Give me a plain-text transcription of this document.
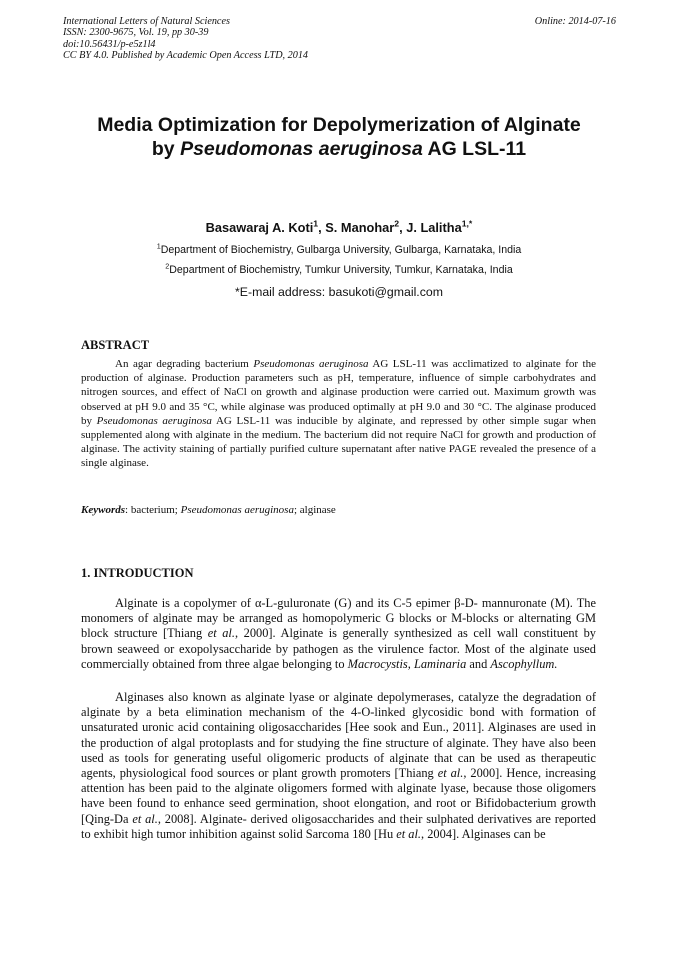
International Letters of Natural Sciences
ISSN: 2300-9675, Vol. 19, pp 30-39
doi:10.56431/p-e5z1l4
CC BY 4.0. Published by Academic Open Access LTD, 2014
Online: 2014-07-16
Media Optimization for Depolymerization of Alginate
by Pseudomonas aeruginosa AG LSL-11
Basawaraj A. Koti$^1$, S. Manohar$^2$, J. Lalitha$^{1,*}$
$^1$Department of Biochemistry, Gulbarga University, Gulbarga, Karnataka, India
$^2$Department of Biochemistry, Tumkur University, Tumkur, Karnataka, India
*E-mail address: basukoti@gmail.com
ABSTRACT
An agar degrading bacterium Pseudomonas aeruginosa AG LSL-11 was acclimatized to alginate for the production of alginase. Production parameters such as pH, temperature, influence of simple carbohydrates and nitrogen sources, and effect of NaCl on growth and alginase production were carried out. Maximum growth was observed at pH 9.0 and 35 °C, while alginase was produced optimally at pH 9.0 and 30 °C. The alginase produced by Pseudomonas aeruginosa AG LSL-11 was inducible by alginate, and repressed by other simple sugar when supplemented along with alginate in the medium. The bacterium did not require NaCl for growth and production of alginase. The activity staining of partially purified culture supernatant after native PAGE revealed the presence of a single alginase.
Keywords: bacterium; Pseudomonas aeruginosa; alginase
1. INTRODUCTION
Alginate is a copolymer of α-L-guluronate (G) and its C-5 epimer β-D- mannuronate (M). The monomers of alginate may be arranged as homopolymeric G blocks or M-blocks or alternating GM block structure [Thiang et al., 2000]. Alginate is generally synthesized as cell wall constituent by brown seaweed or exopolysaccharide by pathogen as the virulence factor. Most of the alginate used commercially obtained from three algae belonging to Macrocystis, Laminaria and Ascophyllum.
Alginases also known as alginate lyase or alginate depolymerases, catalyze the degradation of alginate by a beta elimination mechanism of the 4-O-linked glycosidic bond with formation of unsaturated uronic acid containing oligosaccharides [Hee sook and Eun., 2011]. Alginases are used in the production of algal protoplasts and for studying the fine structure of alginate. They have also been used as tools for generating useful oligomeric products of alginate that can be used as therapeutic agents, physiological food sources or plant growth promoters [Thiang et al., 2000]. Hence, increasing attention has been paid to the alginate oligomers formed with alginate lyase, because those oligomers have been found to enhance seed germination, shoot elongation, and root or Bifidobacterium growth [Qing-Da et al., 2008]. Alginate- derived oligosaccharides and their sulphated derivatives are reported to exhibit high tumor inhibition against solid Sarcoma 180 [Hu et al., 2004]. Alginases can be
